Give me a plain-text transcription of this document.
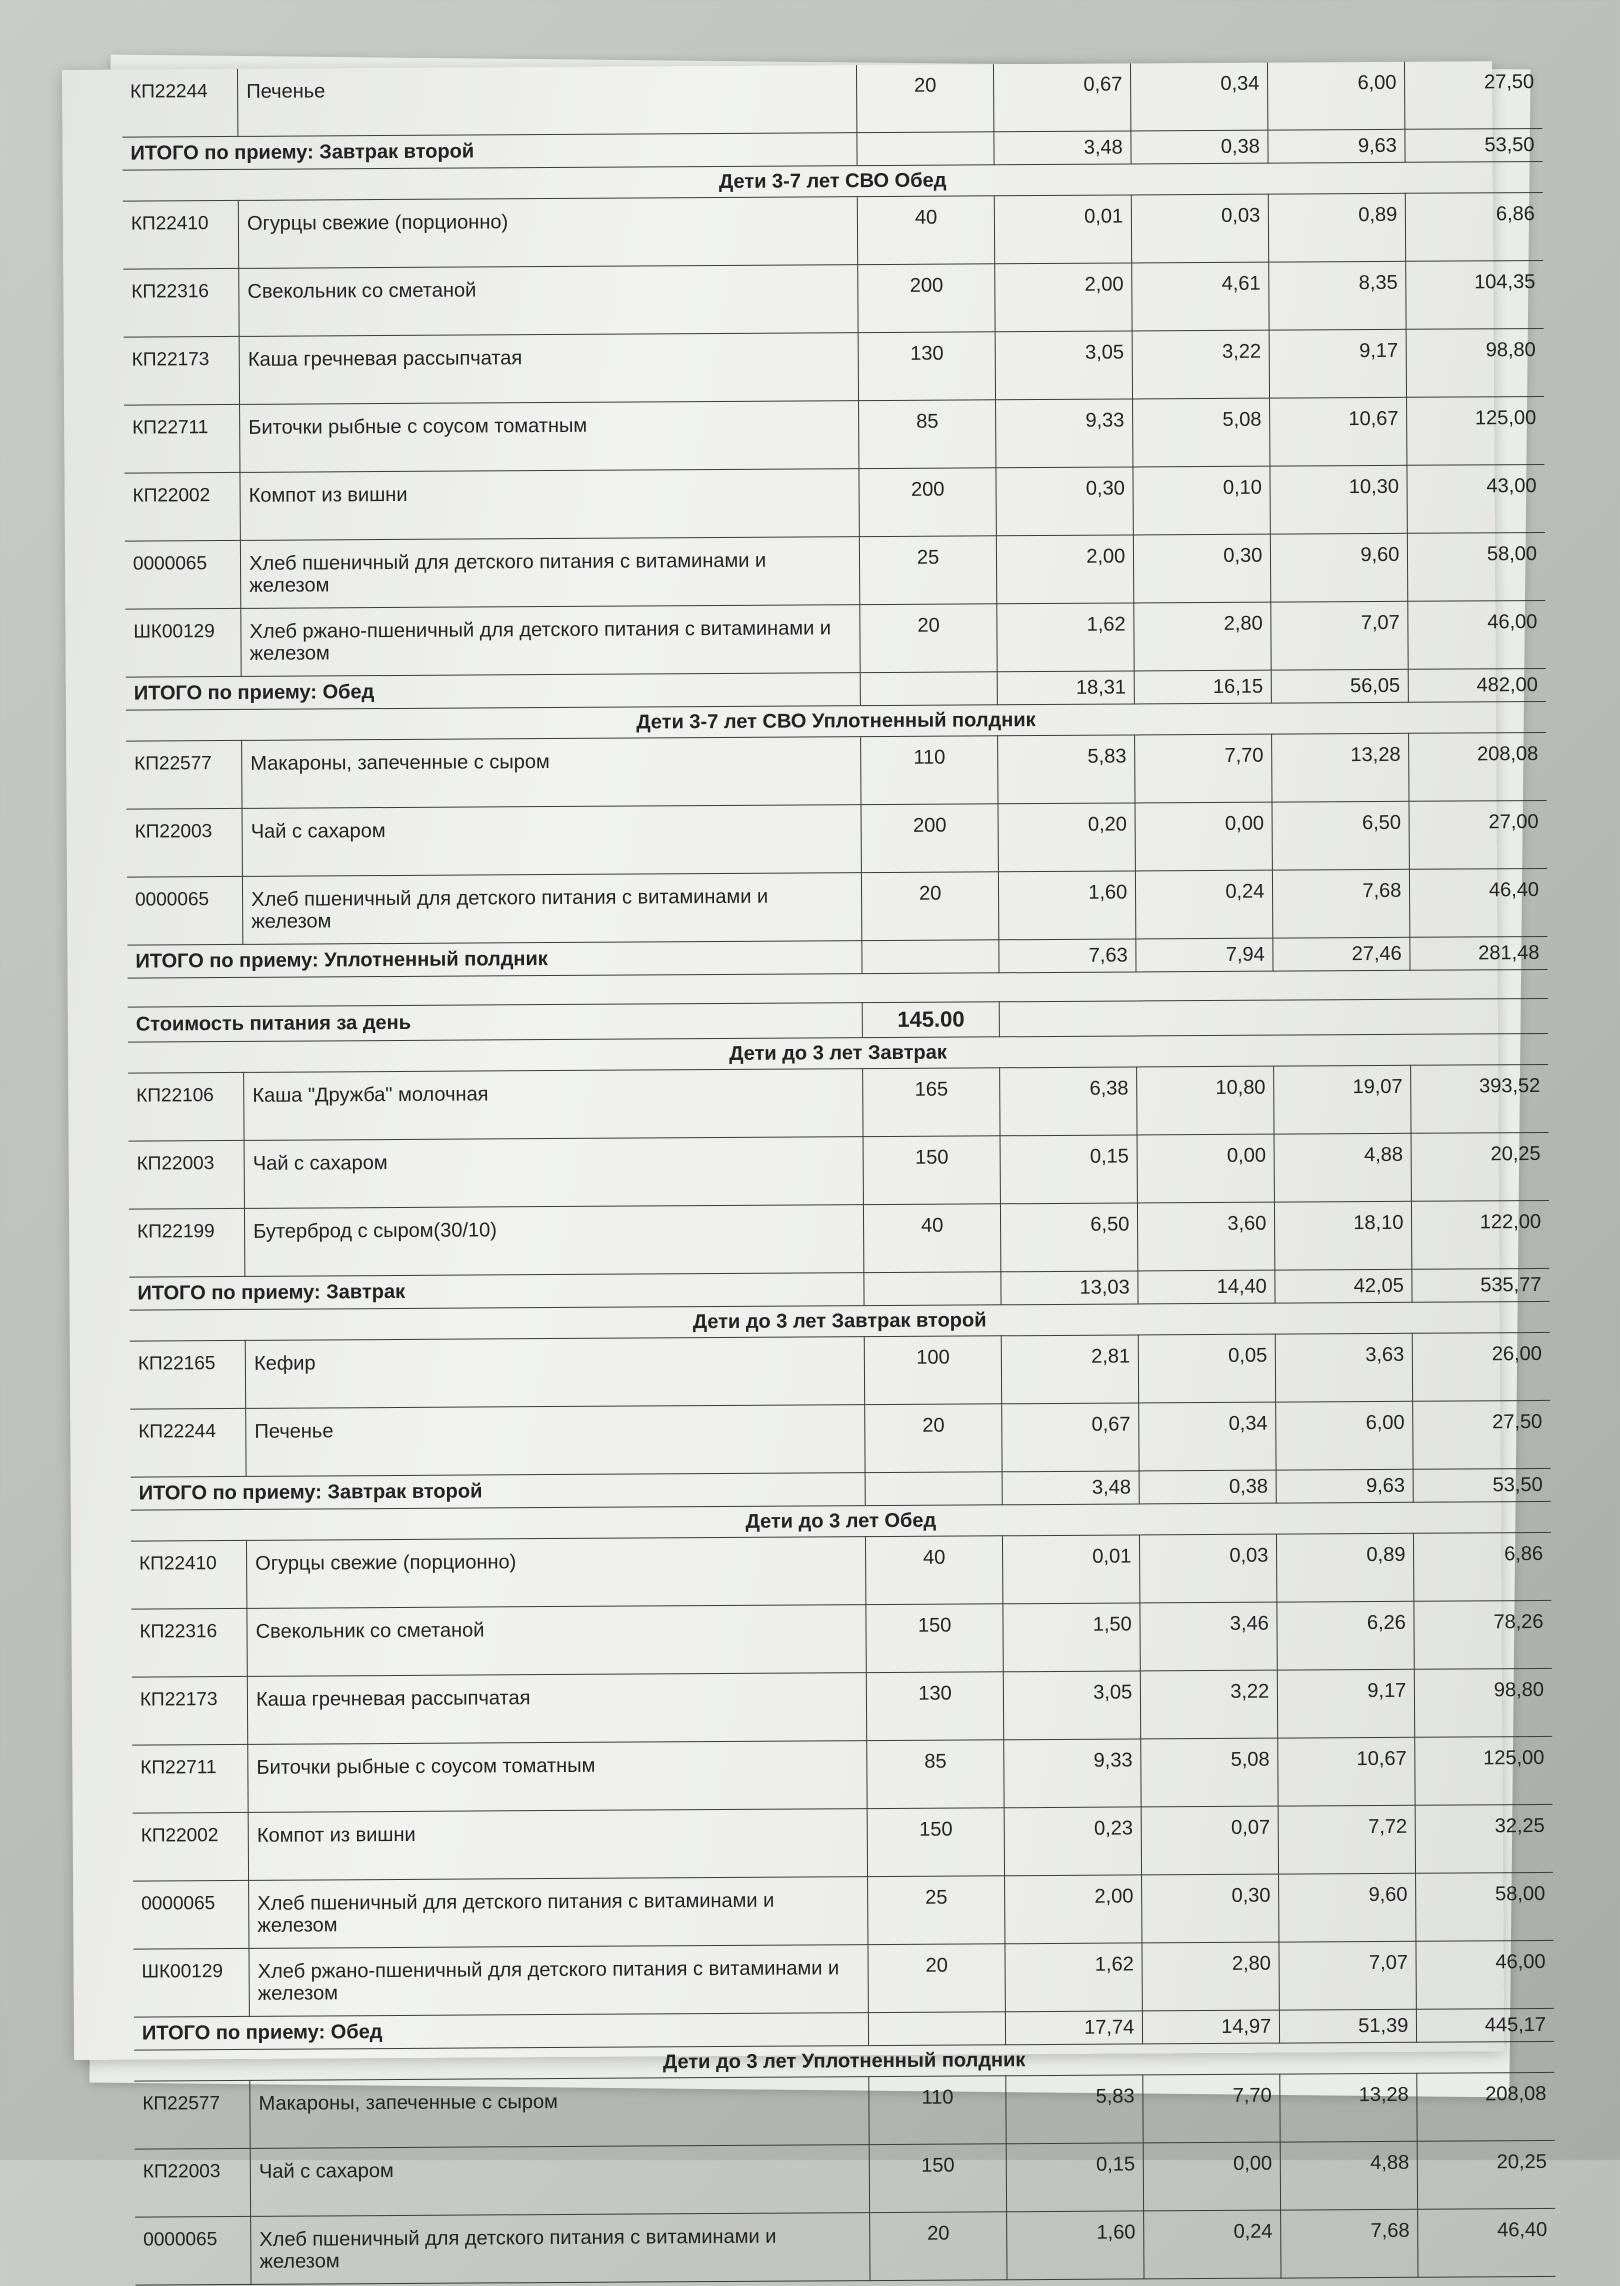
КП22244	Печенье	20	0,67	0,34	6,00	27,50
ИТОГО по приему: Завтрак второй			3,48	0,38	9,63	53,50
Дети 3-7 лет СВО Обед						
КП22410	Огурцы свежие (порционно)	40	0,01	0,03	0,89	6,86
КП22316	Свекольник со сметаной	200	2,00	4,61	8,35	104,35
КП22173	Каша гречневая рассыпчатая	130	3,05	3,22	9,17	98,80
КП22711	Биточки рыбные с соусом томатным	85	9,33	5,08	10,67	125,00
КП22002	Компот из вишни	200	0,30	0,10	10,30	43,00
0000065	Хлеб пшеничный для детского питания с витаминами и железом	25	2,00	0,30	9,60	58,00
ШК00129	Хлеб ржано-пшеничный для детского питания с витаминами и железом	20	1,62	2,80	7,07	46,00
ИТОГО по приему: Обед			18,31	16,15	56,05	482,00
Дети 3-7 лет СВО Уплотненный полдник						
КП22577	Макароны, запеченные с сыром	110	5,83	7,70	13,28	208,08
КП22003	Чай с сахаром	200	0,20	0,00	6,50	27,00
0000065	Хлеб пшеничный для детского питания с витаминами и железом	20	1,60	0,24	7,68	46,40
ИТОГО по приему: Уплотненный полдник			7,63	7,94	27,46	281,48

Стоимость питания за день		145.00				
Дети до 3 лет Завтрак						
КП22106	Каша "Дружба" молочная	165	6,38	10,80	19,07	393,52
КП22003	Чай с сахаром	150	0,15	0,00	4,88	20,25
КП22199	Бутерброд с сыром(30/10)	40	6,50	3,60	18,10	122,00
ИТОГО по приему: Завтрак			13,03	14,40	42,05	535,77
Дети до 3 лет Завтрак второй						
КП22165	Кефир	100	2,81	0,05	3,63	26,00
КП22244	Печенье	20	0,67	0,34	6,00	27,50
ИТОГО по приему: Завтрак второй			3,48	0,38	9,63	53,50
Дети до 3 лет Обед						
КП22410	Огурцы свежие (порционно)	40	0,01	0,03	0,89	6,86
КП22316	Свекольник со сметаной	150	1,50	3,46	6,26	78,26
КП22173	Каша гречневая рассыпчатая	130	3,05	3,22	9,17	98,80
КП22711	Биточки рыбные с соусом томатным	85	9,33	5,08	10,67	125,00
КП22002	Компот из вишни	150	0,23	0,07	7,72	32,25
0000065	Хлеб пшеничный для детского питания с витаминами и железом	25	2,00	0,30	9,60	58,00
ШК00129	Хлеб ржано-пшеничный для детского питания с витаминами и железом	20	1,62	2,80	7,07	46,00
ИТОГО по приему: Обед			17,74	14,97	51,39	445,17
Дети до 3 лет Уплотненный полдник						
КП22577	Макароны, запеченные с сыром	110	5,83	7,70	13,28	208,08
КП22003	Чай с сахаром	150	0,15	0,00	4,88	20,25
0000065	Хлеб пшеничный для детского питания с витаминами и железом	20	1,60	0,24	7,68	46,40
